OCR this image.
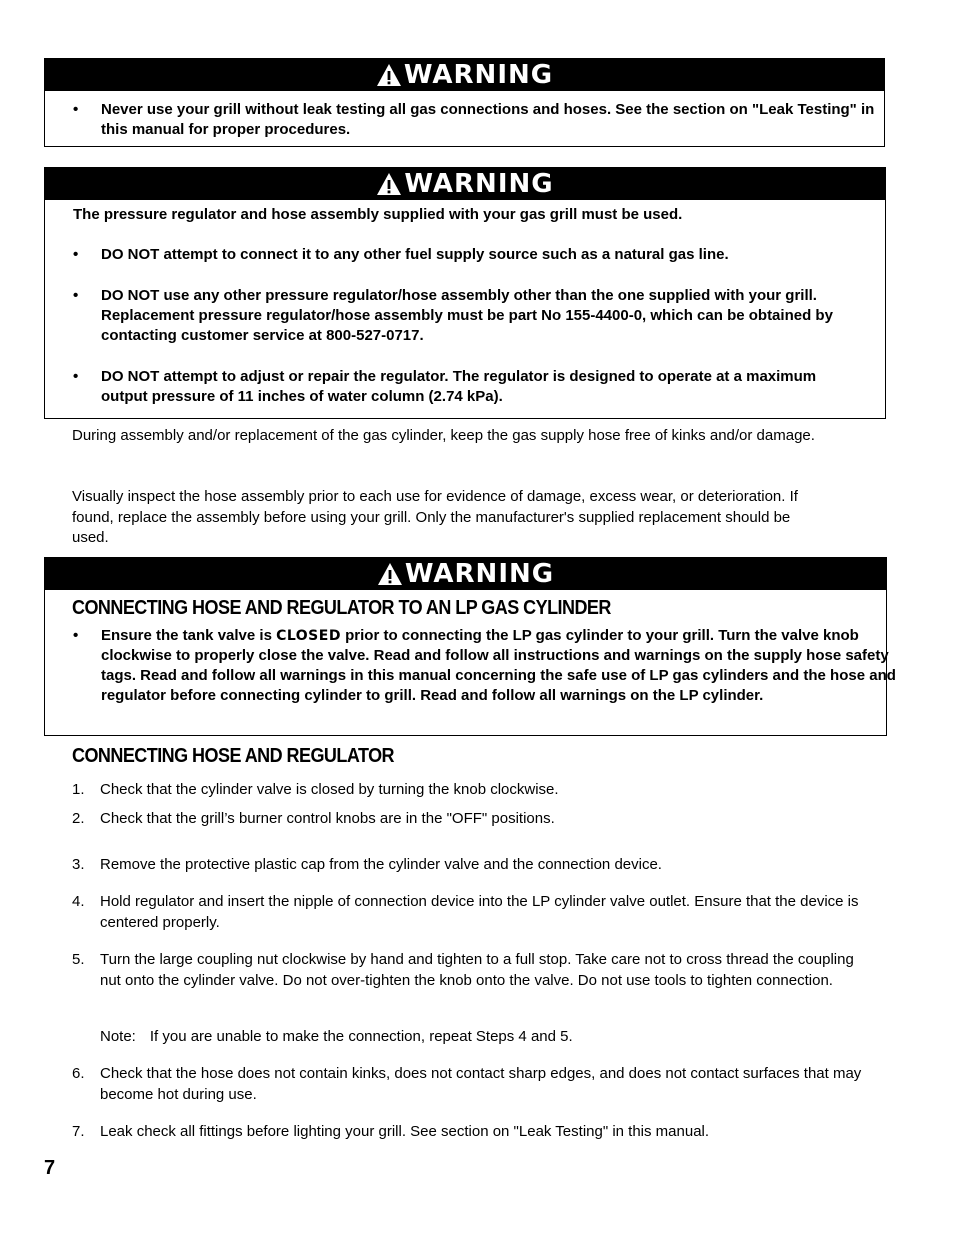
WARNING
• Never use your grill without leak testing all gas connections and hoses. See the section on "Leak Testing" in this manual for proper procedures.
WARNING
The pressure regulator and hose assembly supplied with your gas grill must be used.
• DO NOT attempt to connect it to any other fuel supply source such as a natural gas line.
• DO NOT use any other pressure regulator/hose assembly other than the one supplied with your grill. Replacement pressure regulator/hose assembly must be part No 155-4400-0, which can be obtained by contacting customer service at 800-527-0717.
• DO NOT attempt to adjust or repair the regulator. The regulator is designed to operate at a maximum output pressure of 11 inches of water column (2.74 kPa).
During assembly and/or replacement of the gas cylinder, keep the gas supply hose free of kinks and/or damage.
Visually inspect the hose assembly prior to each use for evidence of damage, excess wear, or deterioration. If found, replace the assembly before using your grill. Only the manufacturer's supplied replacement should be used.
WARNING
CONNECTING HOSE AND REGULATOR TO AN LP GAS CYLINDER
• Ensure the tank valve is CLOSED prior to connecting the LP gas cylinder to your grill. Turn the valve knob clockwise to properly close the valve. Read and follow all instructions and warnings on the supply hose safety tags. Read and follow all warnings in this manual concerning the safe use of LP gas cylinders and the hose and regulator before connecting cylinder to grill. Read and follow all warnings on the LP cylinder.
CONNECTING HOSE AND REGULATOR
1. Check that the cylinder valve is closed by turning the knob clockwise.
2. Check that the grill’s burner control knobs are in the "OFF" positions.
3. Remove the protective plastic cap from the cylinder valve and the connection device.
4. Hold regulator and insert the nipple of connection device into the LP cylinder valve outlet. Ensure that the device is centered properly.
5. Turn the large coupling nut clockwise by hand and tighten to a full stop. Take care not to cross thread the coupling nut onto the cylinder valve. Do not over-tighten the knob onto the valve. Do not use tools to tighten connection.
Note: If you are unable to make the connection, repeat Steps 4 and 5.
6. Check that the hose does not contain kinks, does not contact sharp edges, and does not contact surfaces that may become hot during use.
7. Leak check all fittings before lighting your grill. See section on "Leak Testing" in this manual.
7
